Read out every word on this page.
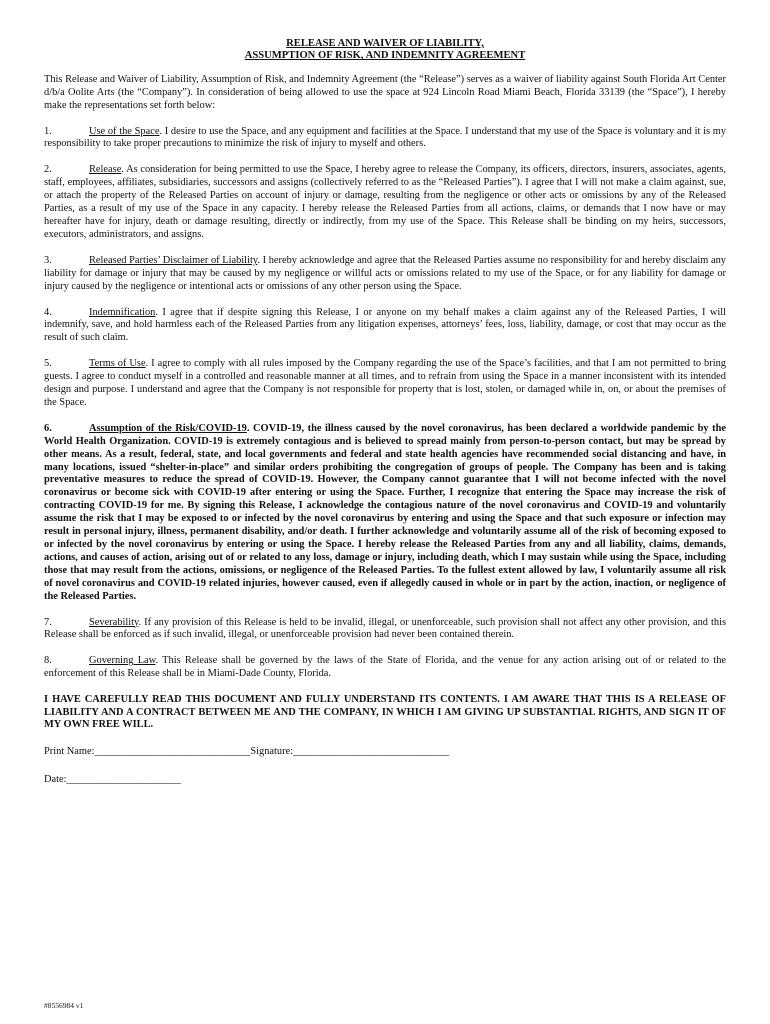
RELEASE AND WAIVER OF LIABILITY,
ASSUMPTION OF RISK, AND INDEMNITY AGREEMENT

This Release and Waiver of Liability, Assumption of Risk, and Indemnity Agreement (the “Release”) serves as a waiver of liability against South Florida Art Center d/b/a Oolite Arts (the “Company”). In consideration of being allowed to use the space at 924 Lincoln Road Miami Beach, Florida 33139 (the “Space”), I hereby make the representations set forth below:

1.	Use of the Space. I desire to use the Space, and any equipment and facilities at the Space. I understand that my use of the Space is voluntary and it is my responsibility to take proper precautions to minimize the risk of injury to myself and others.

2.	Release. As consideration for being permitted to use the Space, I hereby agree to release the Company, its officers, directors, insurers, associates, agents, staff, employees, affiliates, subsidiaries, successors and assigns (collectively referred to as the “Released Parties”). I agree that I will not make a claim against, sue, or attach the property of the Released Parties on account of injury or damage, resulting from the negligence or other acts or omissions by any of the Released Parties, as a result of my use of the Space in any capacity. I hereby release the Released Parties from all actions, claims, or demands that I now have or may hereafter have for injury, death or damage resulting, directly or indirectly, from my use of the Space. This Release shall be binding on my heirs, successors, executors, administrators, and assigns.

3.	Released Parties’ Disclaimer of Liability. I hereby acknowledge and agree that the Released Parties assume no responsibility for and hereby disclaim any liability for damage or injury that may be caused by my negligence or willful acts or omissions related to my use of the Space, or for any liability for damage or injury caused by the negligence or intentional acts or omissions of any other person using the Space.

4.	Indemnification. I agree that if despite signing this Release, I or anyone on my behalf makes a claim against any of the Released Parties, I will indemnify, save, and hold harmless each of the Released Parties from any litigation expenses, attorneys’ fees, loss, liability, damage, or cost that may occur as the result of such claim.

5.	Terms of Use. I agree to comply with all rules imposed by the Company regarding the use of the Space’s facilities, and that I am not permitted to bring guests. I agree to conduct myself in a controlled and reasonable manner at all times, and to refrain from using the Space in a manner inconsistent with its intended design and purpose. I understand and agree that the Company is not responsible for property that is lost, stolen, or damaged while in, on, or about the premises of the Space.

6.	Assumption of the Risk/COVID-19. COVID-19, the illness caused by the novel coronavirus, has been declared a worldwide pandemic by the World Health Organization. COVID-19 is extremely contagious and is believed to spread mainly from person-to-person contact, but may be spread by other means. As a result, federal, state, and local governments and federal and state health agencies have recommended social distancing and have, in many locations, issued “shelter-in-place” and similar orders prohibiting the congregation of groups of people. The Company has been and is taking preventative measures to reduce the spread of COVID-19. However, the Company cannot guarantee that I will not become infected with the novel coronavirus or become sick with COVID-19 after entering or using the Space. Further, I recognize that entering the Space may increase the risk of contracting COVID-19 for me. By signing this Release, I acknowledge the contagious nature of the novel coronavirus and COVID-19 and voluntarily assume the risk that I may be exposed to or infected by the novel coronavirus by entering and using the Space and that such exposure or infection may result in personal injury, illness, permanent disability, and/or death. I further acknowledge and voluntarily assume all of the risk of becoming exposed to or infected by the novel coronavirus by entering or using the Space. I hereby release the Released Parties from any and all liability, claims, demands, actions, and causes of action, arising out of or related to any loss, damage or injury, including death, which I may sustain while using the Space, including those that may result from the actions, omissions, or negligence of the Released Parties. To the fullest extent allowed by law, I voluntarily assume all risk of novel coronavirus and COVID-19 related injuries, however caused, even if allegedly caused in whole or in part by the action, inaction, or negligence of the Released Parties.

7.	Severability. If any provision of this Release is held to be invalid, illegal, or unenforceable, such provision shall not affect any other provision, and this Release shall be enforced as if such invalid, illegal, or unenforceable provision had never been contained therein.

8.	Governing Law. This Release shall be governed by the laws of the State of Florida, and the venue for any action arising out of or related to the enforcement of this Release shall be in Miami-Dade County, Florida.

I HAVE CAREFULLY READ THIS DOCUMENT AND FULLY UNDERSTAND ITS CONTENTS. I AM AWARE THAT THIS IS A RELEASE OF LIABILITY AND A CONTRACT BETWEEN ME AND THE COMPANY, IN WHICH I AM GIVING UP SUBSTANTIAL RIGHTS, AND SIGN IT OF MY OWN FREE WILL.

Print Name:______________________________Signature:______________________________
Date:______________________
#8556984 v1
